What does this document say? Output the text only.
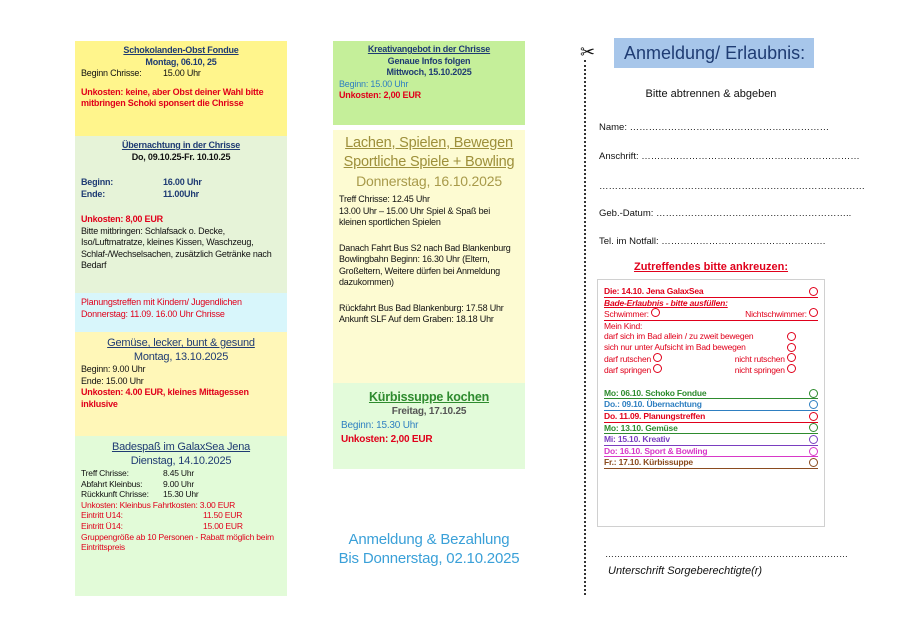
Schokolanden-Obst Fondue
Montag, 06.10, 25
Beginn Chrisse:	15.00 Uhr
Unkosten: keine, aber Obst deiner Wahl bitte mitbringen Schoki sponsert die Chrisse
Übernachtung in der Chrisse
Do, 09.10.25-Fr. 10.10.25
Beginn:	16.00 Uhr
Ende:	11.00Uhr
Unkosten: 8,00 EUR
Bitte mitbringen: Schlafsack o. Decke, Iso/Luftmatratze, kleines Kissen, Waschzeug, Schlaf-/Wechselsachen, zusätzlich Getränke nach Bedarf
Planungstreffen mit Kindern/ Jugendlichen
Donnerstag: 11.09. 16.00 Uhr Chrisse
Gemüse, lecker, bunt & gesund
Montag, 13.10.2025
Beginn: 9.00 Uhr
Ende: 15.00 Uhr
Unkosten: 4.00 EUR, kleines Mittagessen inklusive
Badespaß im GalaxSea Jena
Dienstag, 14.10.2025
Treff Chrisse:	8.45 Uhr
Abfahrt Kleinbus:	9.00 Uhr
Rückkunft Chrisse:	15.30 Uhr
Unkosten: Kleinbus Fahrtkosten: 3.00 EUR
Eintritt U14:	11.50 EUR
Eintritt Ü14:	15.00 EUR
Gruppengröße ab 10 Personen - Rabatt möglich beim Eintrittspreis
Kreativangebot in der Chrisse
Genaue Infos folgen
Mittwoch, 15.10.2025
Beginn: 15.00 Uhr
Unkosten: 2,00 EUR
Lachen, Spielen, Bewegen Sportliche Spiele + Bowling
Donnerstag, 16.10.2025
Treff Chrisse: 12.45 Uhr
13.00 Uhr – 15.00 Uhr Spiel & Spaß bei kleinen sportlichen Spielen
Danach Fahrt Bus S2 nach Bad Blankenburg Bowlingbahn Beginn: 16.30 Uhr (Eltern, Großeltern, Weitere dürfen bei Anmeldung dazukommen)
Rückfahrt Bus Bad Blankenburg: 17.58 Uhr
Ankunft SLF Auf dem Graben: 18.18 Uhr
Kürbissuppe kochen
Freitag, 17.10.25
Beginn: 15.30 Uhr
Unkosten: 2,00 EUR
Anmeldung & Bezahlung
Bis Donnerstag, 02.10.2025
✂	Anmeldung/ Erlaubnis:
Bitte abtrennen & abgeben
Name: ………………………………………………………
Anschrift: ……………………………………………………………
…………………………………………………………………………
Geb.-Datum: ……………………………………………………..
Tel. im Notfall: …………………………………………….
Zutreffendes bitte ankreuzen:
Die: 14.10. Jena GalaxSea
Bade-Erlaubnis - bitte ausfüllen:
Schwimmer:	Nichtschwimmer:
Mein Kind:
darf sich im Bad allein / zu zweit bewegen
sich nur unter Aufsicht im Bad bewegen
darf rutschen	nicht rutschen
darf springen	nicht springen
Mo: 06.10. Schoko Fondue
Do.: 09.10. Übernachtung
Do. 11.09. Planungstreffen
Mo: 13.10. Gemüse
Mi: 15.10. Kreativ
Do: 16.10. Sport & Bowling
Fr.: 17.10. Kürbissuppe
………………………………………………………………………
Unterschrift Sorgeberechtigte(r)
